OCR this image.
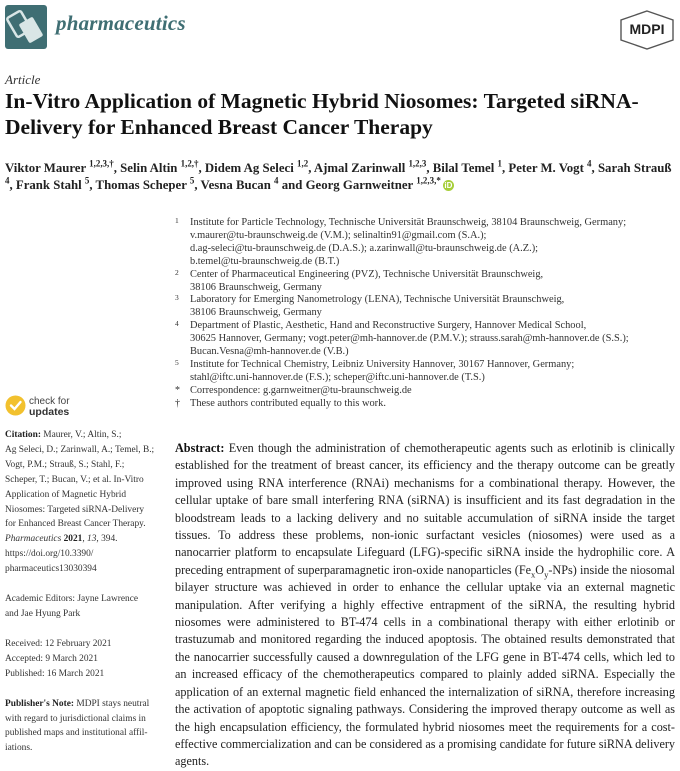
pharmaceutics	MDPI
Article
In-Vitro Application of Magnetic Hybrid Niosomes: Targeted siRNA-Delivery for Enhanced Breast Cancer Therapy
Viktor Maurer $^{1,2,3,\dagger}$, Selin Altin $^{1,2,\dagger}$, Didem Ag Seleci $^{1,2}$, Ajmal Zarinwall $^{1,2,3}$, Bilal Temel $^1$, Peter M. Vogt $^4$, Sarah Strauß $^4$, Frank Stahl $^5$, Thomas Scheper $^5$, Vesna Bucan $^4$ and Georg Garnweitner $^{1,2,3,*}$ iD
1 Institute for Particle Technology, Technische Universität Braunschweig, 38104 Braunschweig, Germany;
v.maurer@tu-braunschweig.de (V.M.); selinaltin91@gmail.com (S.A.);
d.ag-seleci@tu-braunschweig.de (D.A.S.); a.zarinwall@tu-braunschweig.de (A.Z.);
b.temel@tu-braunschweig.de (B.T.)
2 Center of Pharmaceutical Engineering (PVZ), Technische Universität Braunschweig,
38106 Braunschweig, Germany
3 Laboratory for Emerging Nanometrology (LENA), Technische Universität Braunschweig,
38106 Braunschweig, Germany
4 Department of Plastic, Aesthetic, Hand and Reconstructive Surgery, Hannover Medical School,
30625 Hannover, Germany; vogt.peter@mh-hannover.de (P.M.V.); strauss.sarah@mh-hannover.de (S.S.);
Bucan.Vesna@mh-hannover.de (V.B.)
5 Institute for Technical Chemistry, Leibniz University Hannover, 30167 Hannover, Germany;
stahl@iftc.uni-hannover.de (F.S.); scheper@iftc.uni-hannover.de (T.S.)
* Correspondence: g.garnweitner@tu-braunschweig.de
† These authors contributed equally to this work.
check for
updates
Citation: Maurer, V.; Altin, S.;
Ag Seleci, D.; Zarinwall, A.; Temel, B.;
Vogt, P.M.; Strauß, S.; Stahl, F.;
Scheper, T.; Bucan, V.; et al. In-Vitro
Application of Magnetic Hybrid
Niosomes: Targeted siRNA-Delivery
for Enhanced Breast Cancer Therapy.
Pharmaceutics 2021, 13, 394.
https://doi.org/10.3390/
pharmaceutics13030394
Academic Editors: Jayne Lawrence
and Jae Hyung Park
Received: 12 February 2021
Accepted: 9 March 2021
Published: 16 March 2021
Publisher's Note: MDPI stays neutral
with regard to jurisdictional claims in
published maps and institutional affil-
iations.
Abstract: Even though the administration of chemotherapeutic agents such as erlotinib is clinically established for the treatment of breast cancer, its efficiency and the therapy outcome can be greatly improved using RNA interference (RNAi) mechanisms for a combinational therapy. However, the cellular uptake of bare small interfering RNA (siRNA) is insufficient and its fast degradation in the bloodstream leads to a lacking delivery and no suitable accumulation of siRNA inside the target tissues. To address these problems, non-ionic surfactant vesicles (niosomes) were used as a nanocarrier platform to encapsulate Lifeguard (LFG)-specific siRNA inside the hydrophilic core. A preceding entrapment of superparamagnetic iron-oxide nanoparticles $(Fe_xO_y-NPs)$ inside the niosomal bilayer structure was achieved in order to enhance the cellular uptake via an external magnetic manipulation. After verifying a highly effective entrapment of the siRNA, the resulting hybrid niosomes were administered to BT-474 cells in a combinational therapy with either erlotinib or trastuzumab and monitored regarding the induced apoptosis. The obtained results demonstrated that the nanocarrier successfully caused a downregulation of the LFG gene in BT-474 cells, which led to an increased efficacy of the chemotherapeutics compared to plainly added siRNA. Especially the application of an external magnetic field enhanced the internalization of siRNA, therefore increasing the activation of apoptotic signaling pathways. Considering the improved therapy outcome as well as the high encapsulation efficiency, the formulated hybrid niosomes meet the requirements for a cost-effective commercialization and can be considered as a promising candidate for future siRNA delivery agents.
